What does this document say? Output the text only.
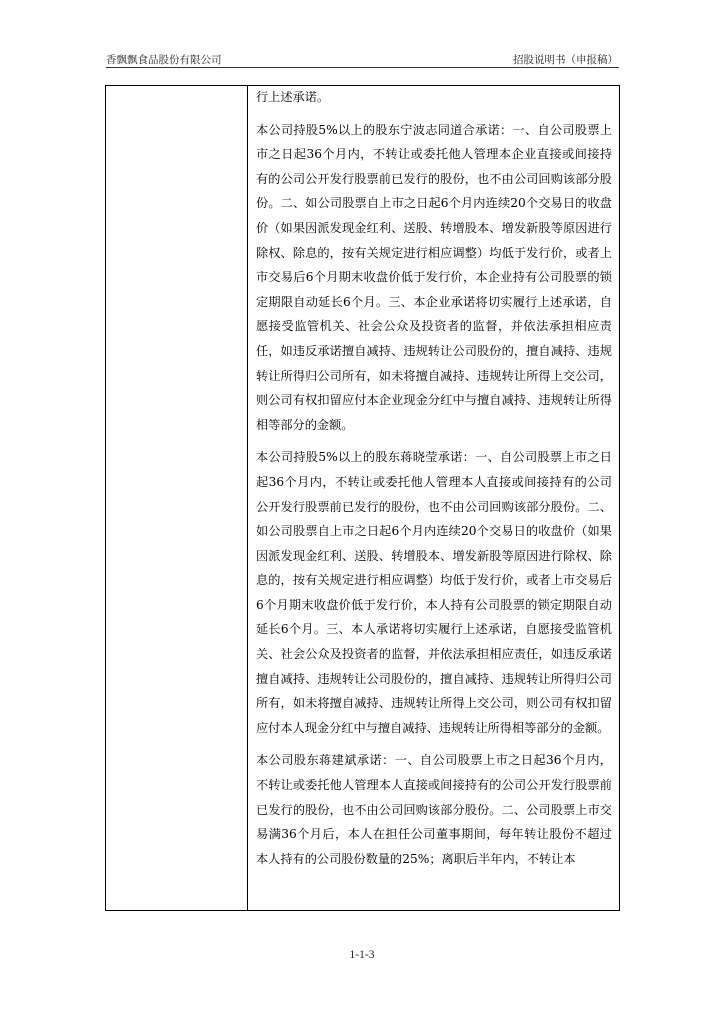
香飘飘食品股份有限公司	招股说明书（申报稿）

行上述承诺。

本公司持股5%以上的股东宁波志同道合承诺：一、自公司股票上市之日起36个月内，不转让或委托他人管理本企业直接或间接持有的公司公开发行股票前已发行的股份，也不由公司回购该部分股份。二、如公司股票自上市之日起6个月内连续20个交易日的收盘价（如果因派发现金红利、送股、转增股本、增发新股等原因进行除权、除息的，按有关规定进行相应调整）均低于发行价，或者上市交易后6个月期末收盘价低于发行价，本企业持有公司股票的锁定期限自动延长6个月。三、本企业承诺将切实履行上述承诺，自愿接受监管机关、社会公众及投资者的监督，并依法承担相应责任，如违反承诺擅自减持、违规转让公司股份的，擅自减持、违规转让所得归公司所有，如未将擅自减持、违规转让所得上交公司，则公司有权扣留应付本企业现金分红中与擅自减持、违规转让所得相等部分的金额。

本公司持股5%以上的股东蒋晓莹承诺：一、自公司股票上市之日起36个月内，不转让或委托他人管理本人直接或间接持有的公司公开发行股票前已发行的股份，也不由公司回购该部分股份。二、如公司股票自上市之日起6个月内连续20个交易日的收盘价（如果因派发现金红利、送股、转增股本、增发新股等原因进行除权、除息的，按有关规定进行相应调整）均低于发行价，或者上市交易后6个月期末收盘价低于发行价，本人持有公司股票的锁定期限自动延长6个月。三、本人承诺将切实履行上述承诺，自愿接受监管机关、社会公众及投资者的监督，并依法承担相应责任，如违反承诺擅自减持、违规转让公司股份的，擅自减持、违规转让所得归公司所有，如未将擅自减持、违规转让所得上交公司，则公司有权扣留应付本人现金分红中与擅自减持、违规转让所得相等部分的金额。

本公司股东蒋建斌承诺：一、自公司股票上市之日起36个月内，不转让或委托他人管理本人直接或间接持有的公司公开发行股票前已发行的股份，也不由公司回购该部分股份。二、公司股票上市交易满36个月后，本人在担任公司董事期间，每年转让股份不超过本人持有的公司股份数量的25%；离职后半年内，不转让本

1-1-3
